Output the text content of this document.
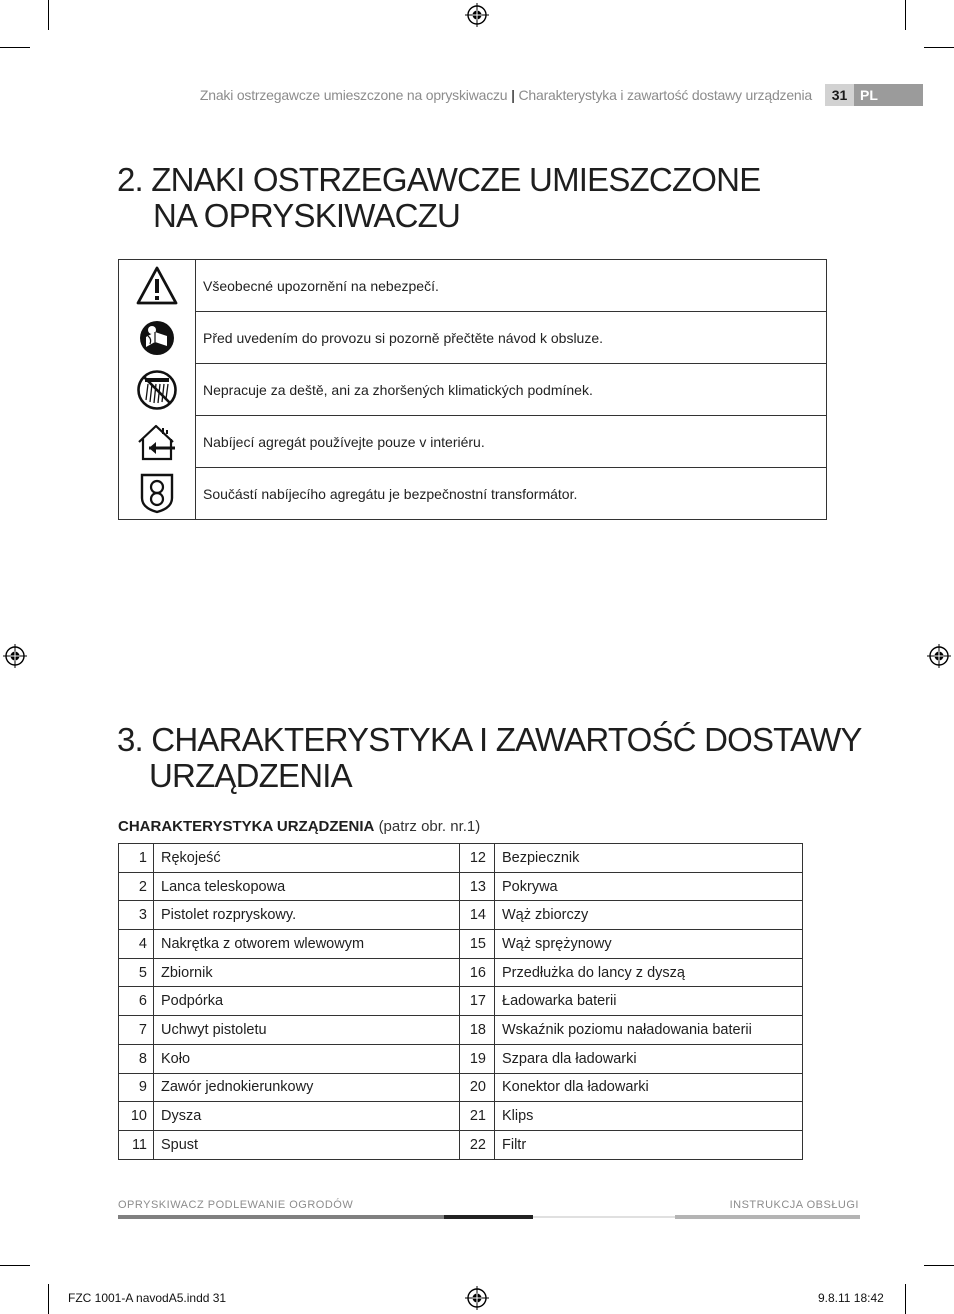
Znaki ostrzegawcze umieszczone na opryskiwaczu | Charakterystyka i zawartość dostawy urządzenia	31 PL
2. ZNAKI OSTRZEGAWCZE UMIESZCZONE
NA OPRYSKIWACZU
	Všeobecné upozornění na nebezpečí.

	Před uvedením do provozu si pozorně přečtěte návod k obsluze.

	Nepracuje za deště, ani za zhoršených klimatických podmínek.

	Nabíjecí agregát používejte pouze v interiéru.

	Součástí nabíjecího agregátu je bezpečnostní transformátor.
3. CHARAKTERYSTYKA I ZAWARTOŚĆ DOSTAWY
URZĄDZENIA
CHARAKTERYSTYKA URZĄDZENIA (patrz obr. nr.1)
1	Rękojeść	12	Bezpiecznik
2	Lanca teleskopowa	13	Pokrywa
3	Pistolet rozpryskowy.	14	Wąż zbiorczy
4	Nakrętka z otworem wlewowym	15	Wąż sprężynowy
5	Zbiornik	16	Przedłużka do lancy z dyszą
6	Podpórka	17	Ładowarka baterii
7	Uchwyt pistoletu	18	Wskaźnik poziomu naładowania baterii
8	Koło	19	Szpara dla ładowarki
9	Zawór jednokierunkowy	20	Konektor dla ładowarki
10	Dysza	21	Klips
11	Spust	22	Filtr
OPRYSKIWACZ PODLEWANIE OGRODÓW	INSTRUKCJA OBSŁUGI
FZC 1001-A navodA5.indd 31	9.8.11 18:42
